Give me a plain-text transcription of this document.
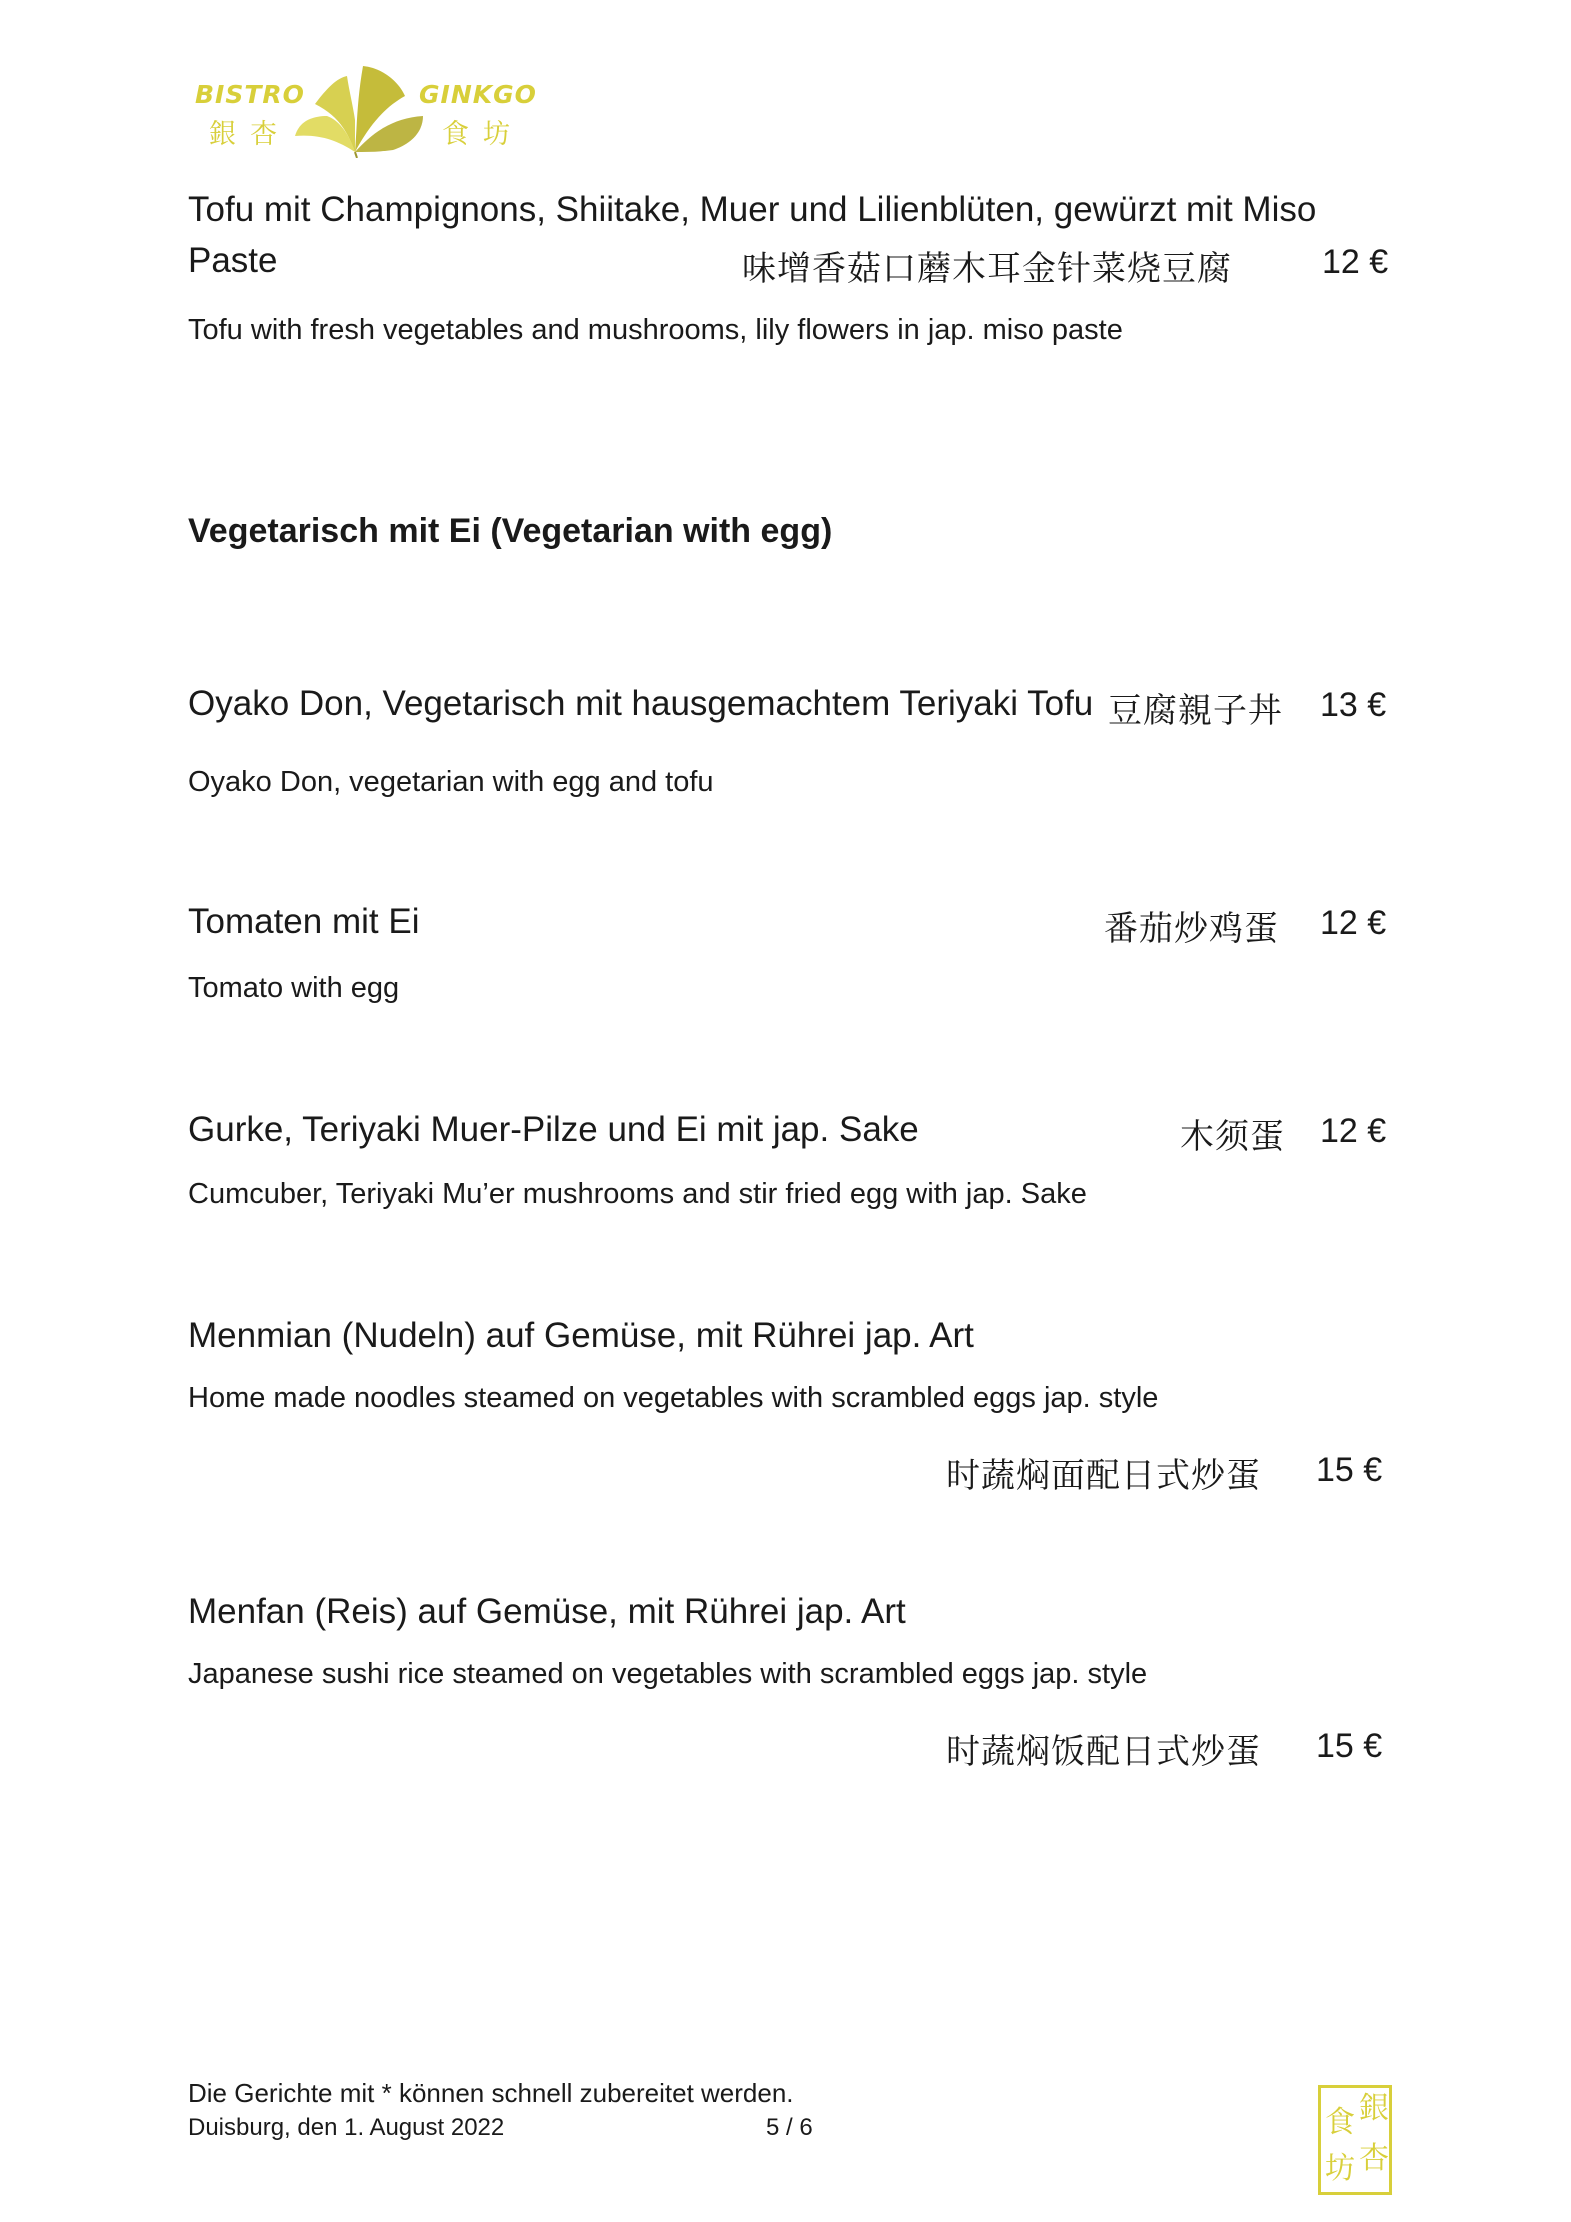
BISTRO
銀杏
GINKGO
食坊
Tofu mit Champignons, Shiitake, Muer und Lilienblüten, gewürzt mit Miso
Paste	味增香菇口蘑木耳金针菜烧豆腐	12 €
Tofu with fresh vegetables and mushrooms, lily flowers in jap. miso paste
Vegetarisch mit Ei (Vegetarian with egg)
Oyako Don, Vegetarisch mit hausgemachtem Teriyaki Tofu 豆腐親子丼 13 €
Oyako Don, vegetarian with egg and tofu
Tomaten mit Ei	番茄炒鸡蛋 12 €
Tomato with egg
Gurke, Teriyaki Muer-Pilze und Ei mit jap. Sake	木须蛋 12 €
Cumcuber, Teriyaki Mu’er mushrooms and stir fried egg with jap. Sake
Menmian (Nudeln) auf Gemüse, mit Rührei jap. Art
Home made noodles steamed on vegetables with scrambled eggs jap. style
时蔬焖面配日式炒蛋 15 €
Menfan (Reis) auf Gemüse, mit Rührei jap. Art
Japanese sushi rice steamed on vegetables with scrambled eggs jap. style
时蔬焖饭配日式炒蛋 15 €
Die Gerichte mit * können schnell zubereitet werden.
Duisburg, den 1. August 2022	5 / 6
銀
杏
食
坊
